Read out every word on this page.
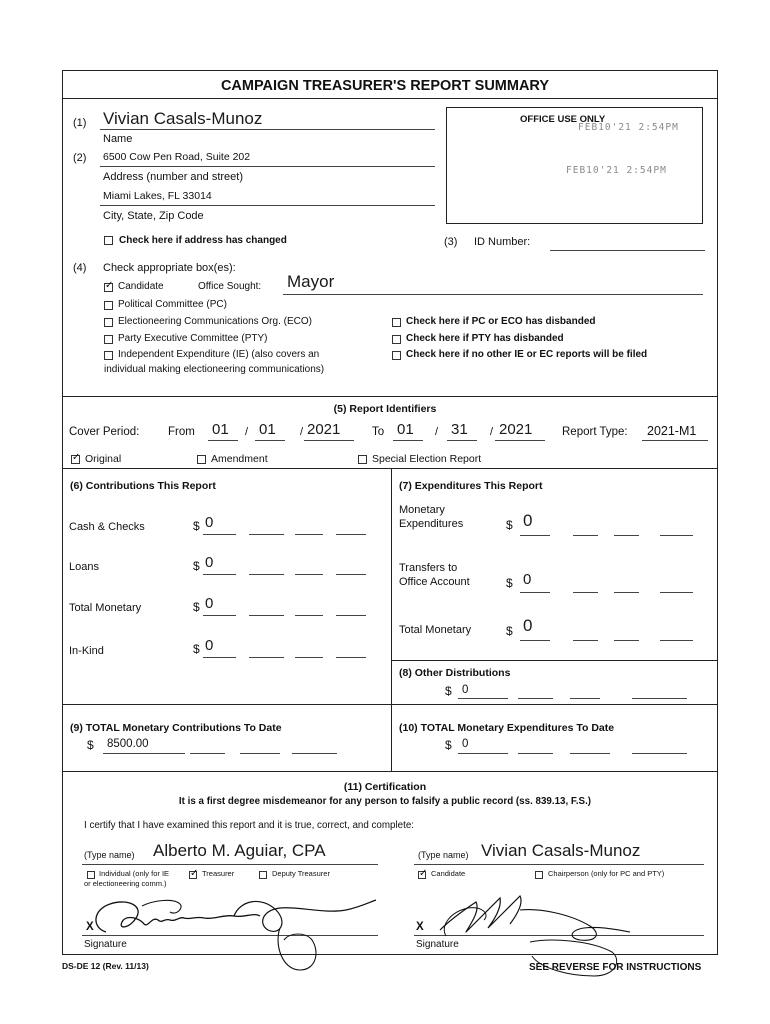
CAMPAIGN TREASURER'S REPORT SUMMARY
(1) Vivian Casals-Munoz
Name
(2) 6500 Cow Pen Road, Suite 202
Address (number and street)
Miami Lakes, FL 33014
City, State, Zip Code
Check here if address has changed
OFFICE USE ONLY
FEB10'21 2:54PM
FEB10'21 2:54PM
(3) ID Number:
(4) Check appropriate box(es):
✓
Candidate	Office Sought: Mayor
Political Committee (PC)
Electioneering Communications Org. (ECO)
Party Executive Committee (PTY)
Independent Expenditure (IE) (also covers an
individual making electioneering communications)
Check here if PC or ECO has disbanded
Check here if PTY has disbanded
Check here if no other IE or EC reports will be filed
(5) Report Identifiers
Cover Period: From 01 / 01 / 2021	To 01 / 31 / 2021	Report Type: 2021-M1
✓
Original	Amendment	Special Election Report
(6) Contributions This Report
Cash & Checks	$ 0
Loans	$ 0
Total Monetary	$ 0
In-Kind	$ 0
(7) Expenditures This Report
Monetary
Expenditures	$ 0
Transfers to
Office Account	$ 0
Total Monetary	$ 0
(8) Other Distributions
$ 0
(9) TOTAL Monetary Contributions To Date
$ 8500.00
(10) TOTAL Monetary Expenditures To Date
$ 0
(11) Certification
It is a first degree misdemeanor for any person to falsify a public record (ss. 839.13, F.S.)
I certify that I have examined this report and it is true, correct, and complete:
(Type name) Alberto M. Aguiar, CPA	(Type name) Vivian Casals-Munoz
Individual (only for IE
or electioneering comm.)
✓
Treasurer	Deputy Treasurer
✓	Candidate	Chairperson (only for PC and PTY)
X
Signature
X
Signature
DS-DE 12 (Rev. 11/13)	SEE REVERSE FOR INSTRUCTIONS
